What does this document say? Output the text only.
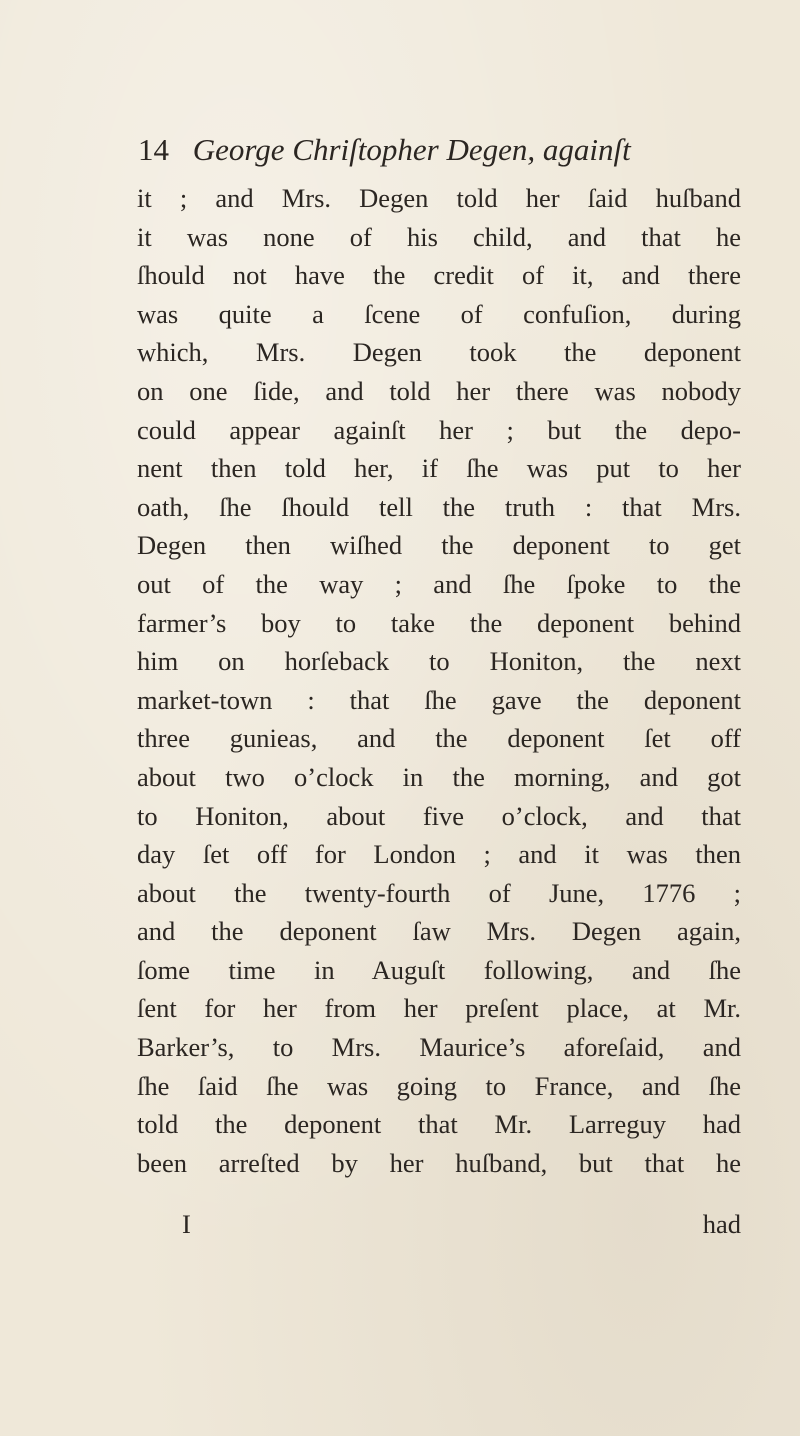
14 George Chriſtopher Degen, againſt
it ; and Mrs. Degen told her ſaid huſband
it was none of his child, and that he
ſhould not have the credit of it, and there
was quite a ſcene of confuſion, during
which, Mrs. Degen took the deponent
on one ſide, and told her there was nobody
could appear againſt her ; but the depo-
nent then told her, if ſhe was put to her
oath, ſhe ſhould tell the truth : that Mrs.
Degen then wiſhed the deponent to get
out of the way ; and ſhe ſpoke to the
farmer’s boy to take the deponent behind
him on horſeback to Honiton, the next
market-town : that ſhe gave the deponent
three gunieas, and the deponent ſet off
about two o’clock in the morning, and got
to Honiton, about five o’clock, and that
day ſet off for London ; and it was then
about the twenty-fourth of June, 1776 ;
and the deponent ſaw Mrs. Degen again,
ſome time in Auguſt following, and ſhe
ſent for her from her preſent place, at Mr.
Barker’s, to Mrs. Maurice’s aforeſaid, and
ſhe ſaid ſhe was going to France, and ſhe
told the deponent that Mr. Larreguy had
been arreſted by her huſband, but that he
I	had
